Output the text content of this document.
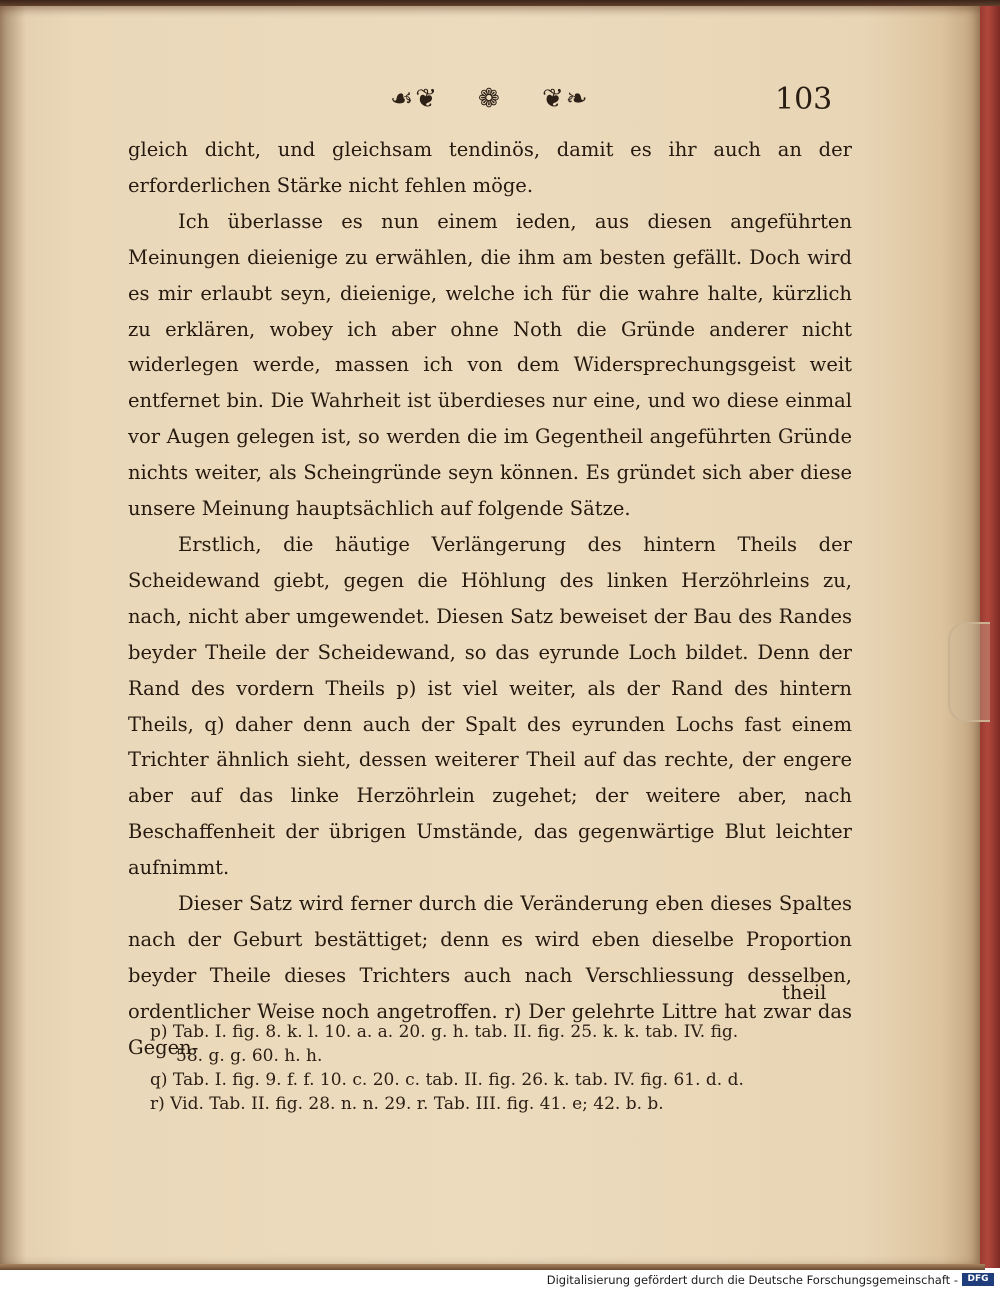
☙❦ ❁ ❦❧	103

gleich dicht, und gleichsam tendinös, damit es ihr auch an der erforderlichen Stärke nicht fehlen möge.

Ich überlasse es nun einem ieden, aus diesen angeführten Meinungen dieienige zu erwählen, die ihm am besten gefällt. Doch wird es mir erlaubt seyn, dieienige, welche ich für die wahre halte, kürzlich zu erklären, wobey ich aber ohne Noth die Gründe anderer nicht widerlegen werde, massen ich von dem Widersprechungsgeist weit entfernet bin. Die Wahrheit ist überdieses nur eine, und wo diese einmal vor Augen gelegen ist, so werden die im Gegentheil angeführten Gründe nichts weiter, als Scheingründe seyn können. Es gründet sich aber diese unsere Meinung hauptsächlich auf folgende Sätze.

Erstlich, die häutige Verlängerung des hintern Theils der Scheidewand giebt, gegen die Höhlung des linken Herzöhrleins zu, nach, nicht aber umgewendet. Diesen Satz beweiset der Bau des Randes beyder Theile der Scheidewand, so das eyrunde Loch bildet. Denn der Rand des vordern Theils p) ist viel weiter, als der Rand des hintern Theils, q) daher denn auch der Spalt des eyrunden Lochs fast einem Trichter ähnlich sieht, dessen weiterer Theil auf das rechte, der engere aber auf das linke Herzöhrlein zugehet; der weitere aber, nach Beschaffenheit der übrigen Umstände, das gegenwärtige Blut leichter aufnimmt.

Dieser Satz wird ferner durch die Veränderung eben dieses Spaltes nach der Geburt bestättiget; denn es wird eben dieselbe Proportion beyder Theile dieses Trichters auch nach Verschliessung desselben, ordentlicher Weise noch angetroffen. r) Der gelehrte Littre hat zwar das Gegen-

theil

p) Tab. I. fig. 8. k. l. 10. a. a. 20. g. h. tab. II. fig. 25. k. k. tab. IV. fig.

58. g. g. 60. h. h.

q) Tab. I. fig. 9. f. f. 10. c. 20. c. tab. II. fig. 26. k. tab. IV. fig. 61. d. d.

r) Vid. Tab. II. fig. 28. n. n. 29. r. Tab. III. fig. 41. e; 42. b. b.

Digitalisierung gefördert durch die Deutsche Forschungsgemeinschaft -	DFG
